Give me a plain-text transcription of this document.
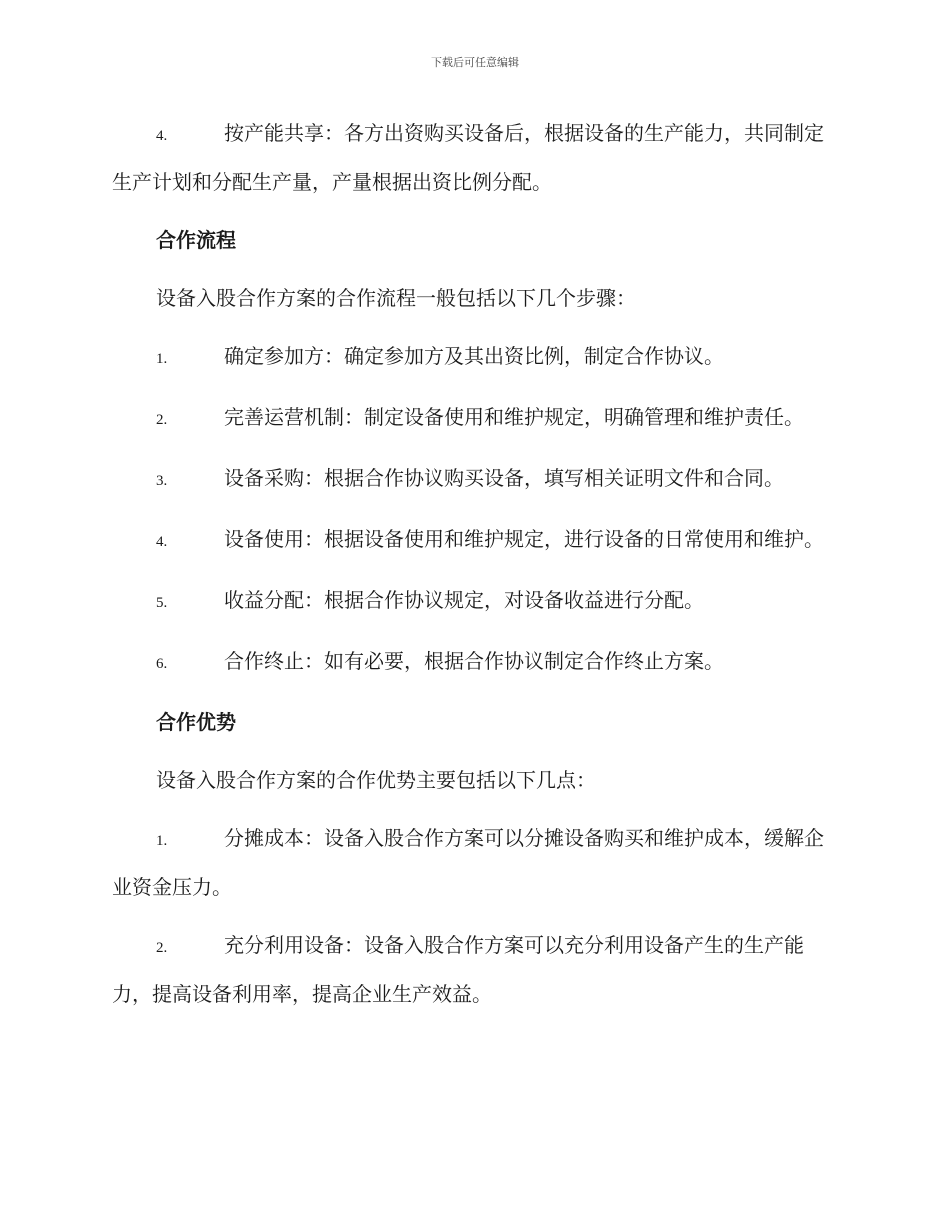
下载后可任意编辑

4.	按产能共享：各方出资购买设备后，根据设备的生产能力，共同制定生产计划和分配生产量，产量根据出资比例分配。

合作流程

设备入股合作方案的合作流程一般包括以下几个步骤：

1.	确定参加方：确定参加方及其出资比例，制定合作协议。

2.	完善运营机制：制定设备使用和维护规定，明确管理和维护责任。

3.	设备采购：根据合作协议购买设备，填写相关证明文件和合同。

4.	设备使用：根据设备使用和维护规定，进行设备的日常使用和维护。

5.	收益分配：根据合作协议规定，对设备收益进行分配。

6.	合作终止：如有必要，根据合作协议制定合作终止方案。

合作优势

设备入股合作方案的合作优势主要包括以下几点：

1.	分摊成本：设备入股合作方案可以分摊设备购买和维护成本，缓解企业资金压力。

2.	充分利用设备：设备入股合作方案可以充分利用设备产生的生产能力，提高设备利用率，提高企业生产效益。
